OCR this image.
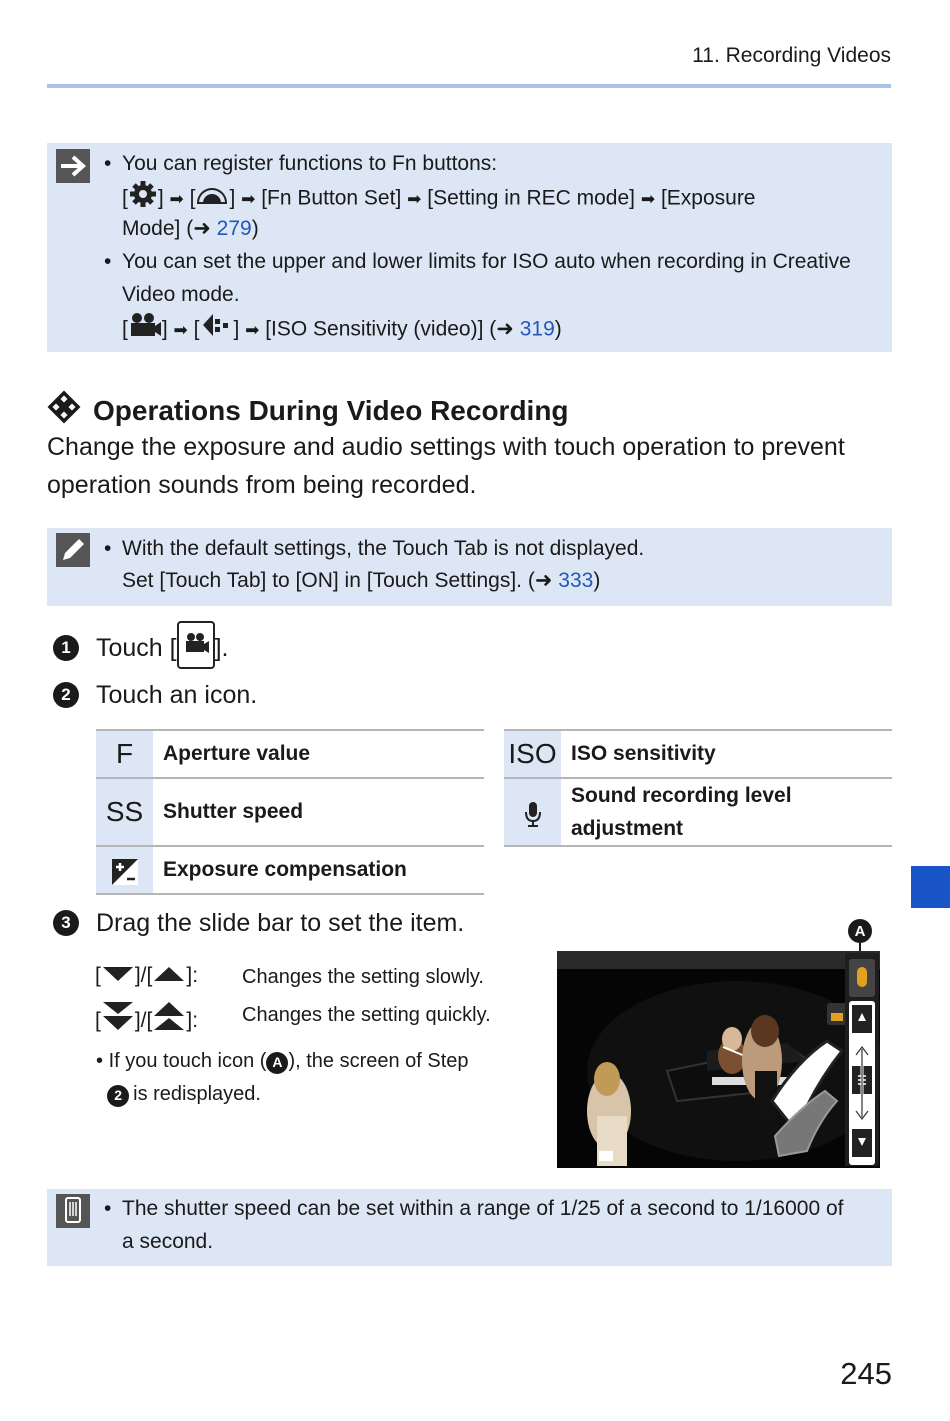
11. Recording Videos
• You can register functions to Fn buttons:
[ ] ➡ [ ] ➡ [Fn Button Set] ➡ [Setting in REC mode] ➡ [Exposure
Mode] (➜ 279)
• You can set the upper and lower limits for ISO auto when recording in Creative
Video mode.
[ ] ➡ [ ] ➡ [ISO Sensitivity (video)] (➜ 319)
Operations During Video Recording
Change the exposure and audio settings with touch operation to prevent operation sounds from being recorded.
• With the default settings, the Touch Tab is not displayed.
Set [Touch Tab] to [ON] in [Touch Settings]. (➜ 333)
1	Touch [ ].
2	Touch an icon.
F	Aperture value
SS	Shutter speed
	Exposure compensation
ISO	ISO sensitivity
	Sound recording level
adjustment
3	Drag the slide bar to set the item.
[ ]/[ ]: Changes the setting slowly.
[ ]/[ ]: Changes the setting quickly.
• If you touch icon ( A ), the screen of Step
2 is redisplayed.
A
• The shutter speed can be set within a range of 1/25 of a second to 1/16000 of
a second.
245
